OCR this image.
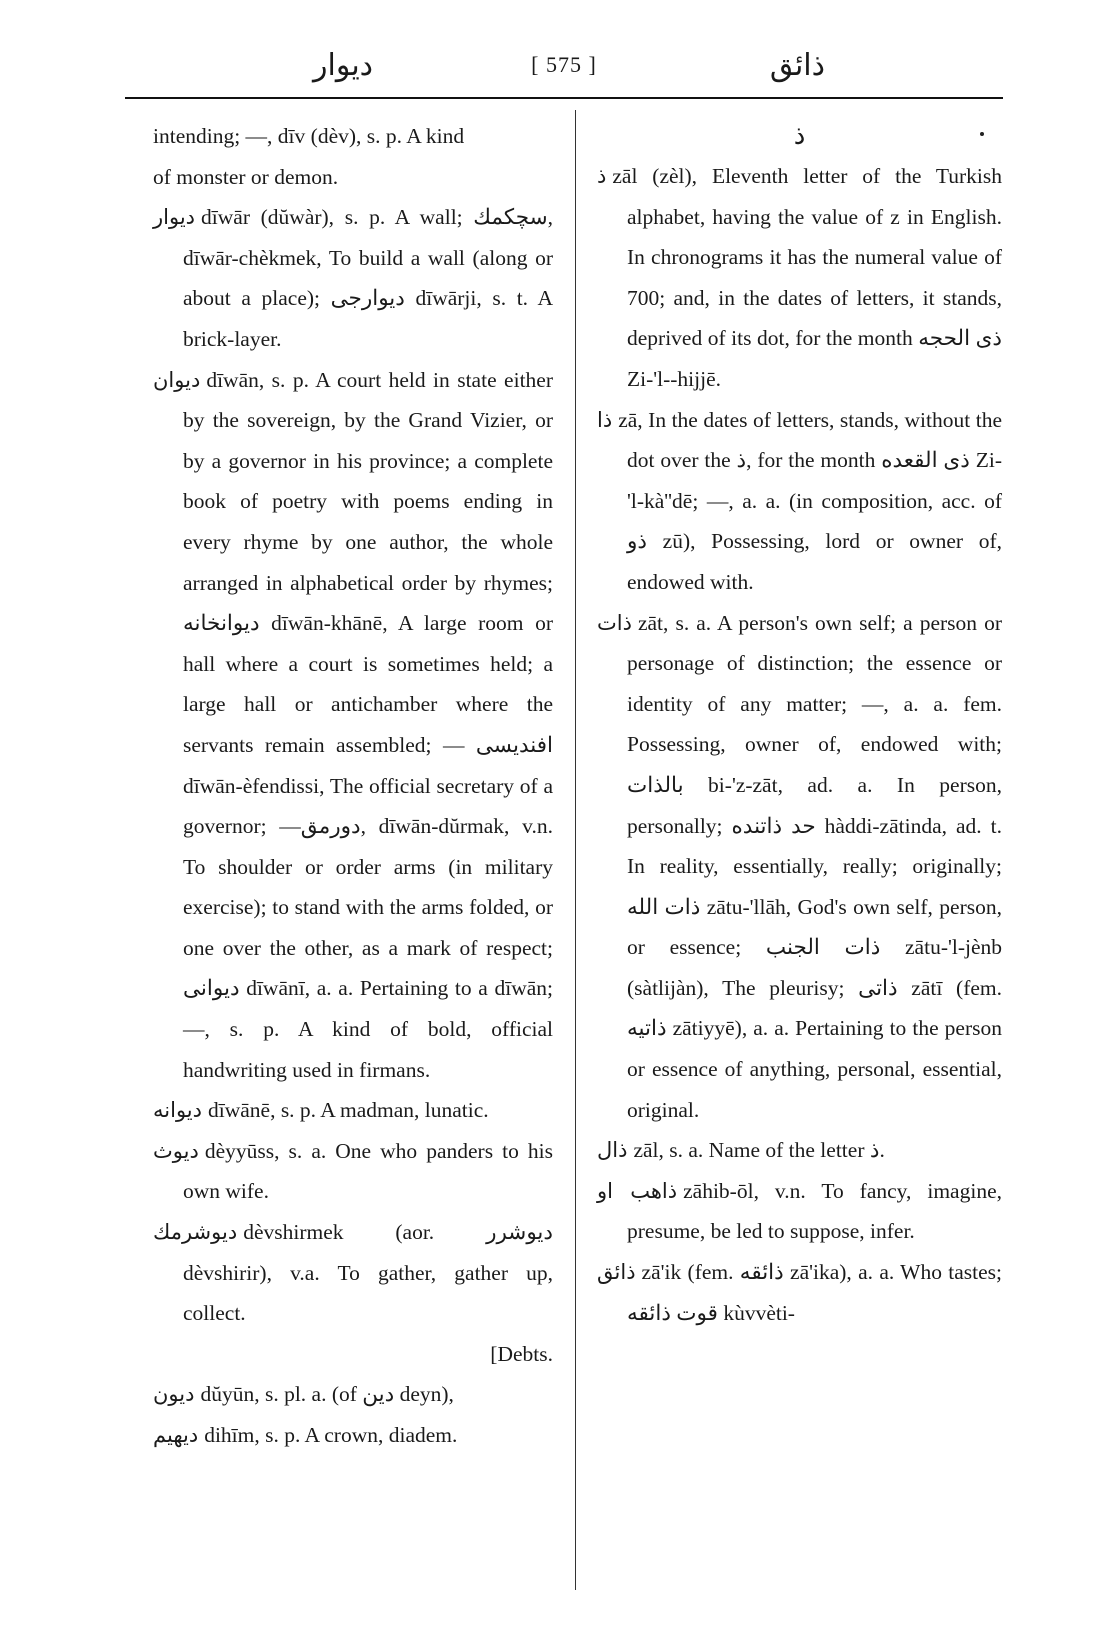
ديوار	[ 575 ]	ذائق

intending; —, dīv (dèv), s. p. A kind

of monster or demon.

ديوار dīwār (dŭwàr), s. p. A wall; سچكمك, dīwār-chèkmek, To build a wall (along or about a place); ديوارجى dīwārji, s. t. A brick-layer.

ديوان dīwān, s. p. A court held in state either by the sovereign, by the Grand Vizier, or by a governor in his province; a complete book of poetry with poems ending in every rhyme by one author, the whole arranged in alphabetical order by rhymes; ديوانخانه dīwān-khānē, A large room or hall where a court is sometimes held; a large hall or antichamber where the servants remain assembled; — افنديسى dīwān-èfendissi, The official secretary of a governor; —دورمق, dīwān-dŭrmak, v.n. To shoulder or order arms (in military exercise); to stand with the arms folded, or one over the other, as a mark of respect; ديوانى dīwānī, a. a. Pertaining to a dīwān; —, s. p. A kind of bold, official handwriting used in firmans.

ديوانه dīwānē, s. p. A madman, lunatic.

ديوث dèyyūss, s. a. One who panders to his own wife.

ديوشرمك dèvshirmek (aor. ديوشرر dèvshirir), v.a. To gather, gather up, collect.

[Debts.

ديون dŭyūn, s. pl. a. (of دين deyn),

ديهيم dihīm, s. p. A crown, diadem.

ذ

ذ zāl (zèl), Eleventh letter of the Turkish alphabet, having the value of z in English. In chronograms it has the numeral value of 700; and, in the dates of letters, it stands, deprived of its dot, for the month ذى الحجه Zi-'l--hijjē.

ذا zā, In the dates of letters, stands, without the dot over the ذ, for the month ذى القعده Zi-'l-kà''dē; —, a. a. (in composition, acc. of ذو zū), Possessing, lord or owner of, endowed with.

ذات zāt, s. a. A person's own self; a person or personage of distinction; the essence or identity of any matter; —, a. a. fem. Possessing, owner of, endowed with; بالذات bi-'z-zāt, ad. a. In person, personally; حد ذاتنده hàddi-zātinda, ad. t. In reality, essentially, really; originally; ذات الله zātu-'llāh, God's own self, person, or essence; ذات الجنب zātu-'l-jènb (sàtlijàn), The pleurisy; ذاتى zātī (fem. ذاتيه zātiyyē), a. a. Pertaining to the person or essence of anything, personal, essential, original.

ذال zāl, s. a. Name of the letter ذ.

ذاهب او zāhib-ōl, v.n. To fancy, imagine, presume, be led to suppose, infer.

ذائق zā'ik (fem. ذائقه zā'ika), a. a. Who tastes; قوت ذائقه kùvvèti-
